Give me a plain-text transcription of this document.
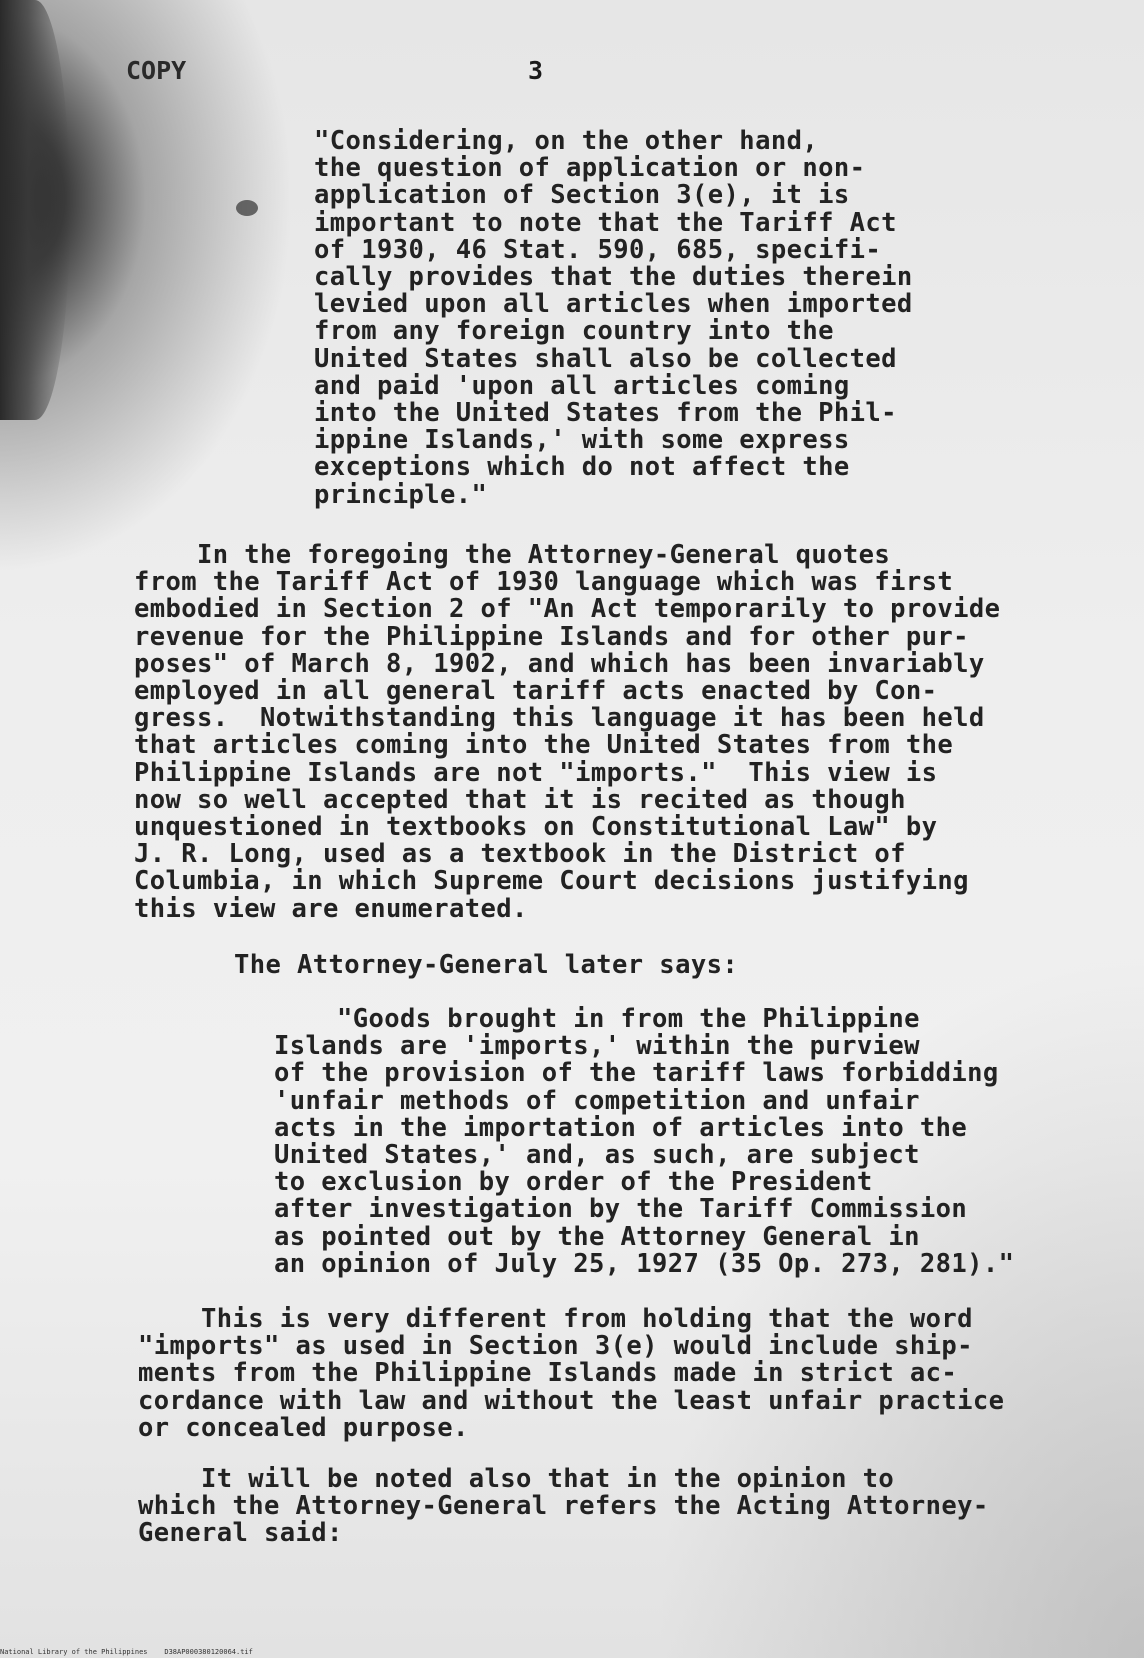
COPY	3

"Considering, on the other hand,
the question of application or non-
application of Section 3(e), it is
important to note that the Tariff Act
of 1930, 46 Stat. 590, 685, specifi-
cally provides that the duties therein
levied upon all articles when imported
from any foreign country into the
United States shall also be collected
and paid 'upon all articles coming
into the United States from the Phil-
ippine Islands,' with some express
exceptions which do not affect the
principle."

In the foregoing the Attorney-General quotes
from the Tariff Act of 1930 language which was first
embodied in Section 2 of "An Act temporarily to provide
revenue for the Philippine Islands and for other pur-
poses" of March 8, 1902, and which has been invariably
employed in all general tariff acts enacted by Con-
gress.  Notwithstanding this language it has been held
that articles coming into the United States from the
Philippine Islands are not "imports."  This view is
now so well accepted that it is recited as though
unquestioned in textbooks on Constitutional Law" by
J. R. Long, used as a textbook in the District of
Columbia, in which Supreme Court decisions justifying
this view are enumerated.

The Attorney-General later says:

"Goods brought in from the Philippine
Islands are 'imports,' within the purview
of the provision of the tariff laws forbidding
'unfair methods of competition and unfair
acts in the importation of articles into the
United States,' and, as such, are subject
to exclusion by order of the President
after investigation by the Tariff Commission
as pointed out by the Attorney General in
an opinion of July 25, 1927 (35 Op. 273, 281)."

This is very different from holding that the word
"imports" as used in Section 3(e) would include ship-
ments from the Philippine Islands made in strict ac-
cordance with law and without the least unfair practice
or concealed purpose.

It will be noted also that in the opinion to
which the Attorney-General refers the Acting Attorney-
General said:

National Library of the Philippines    D38AP000380120064.tif
